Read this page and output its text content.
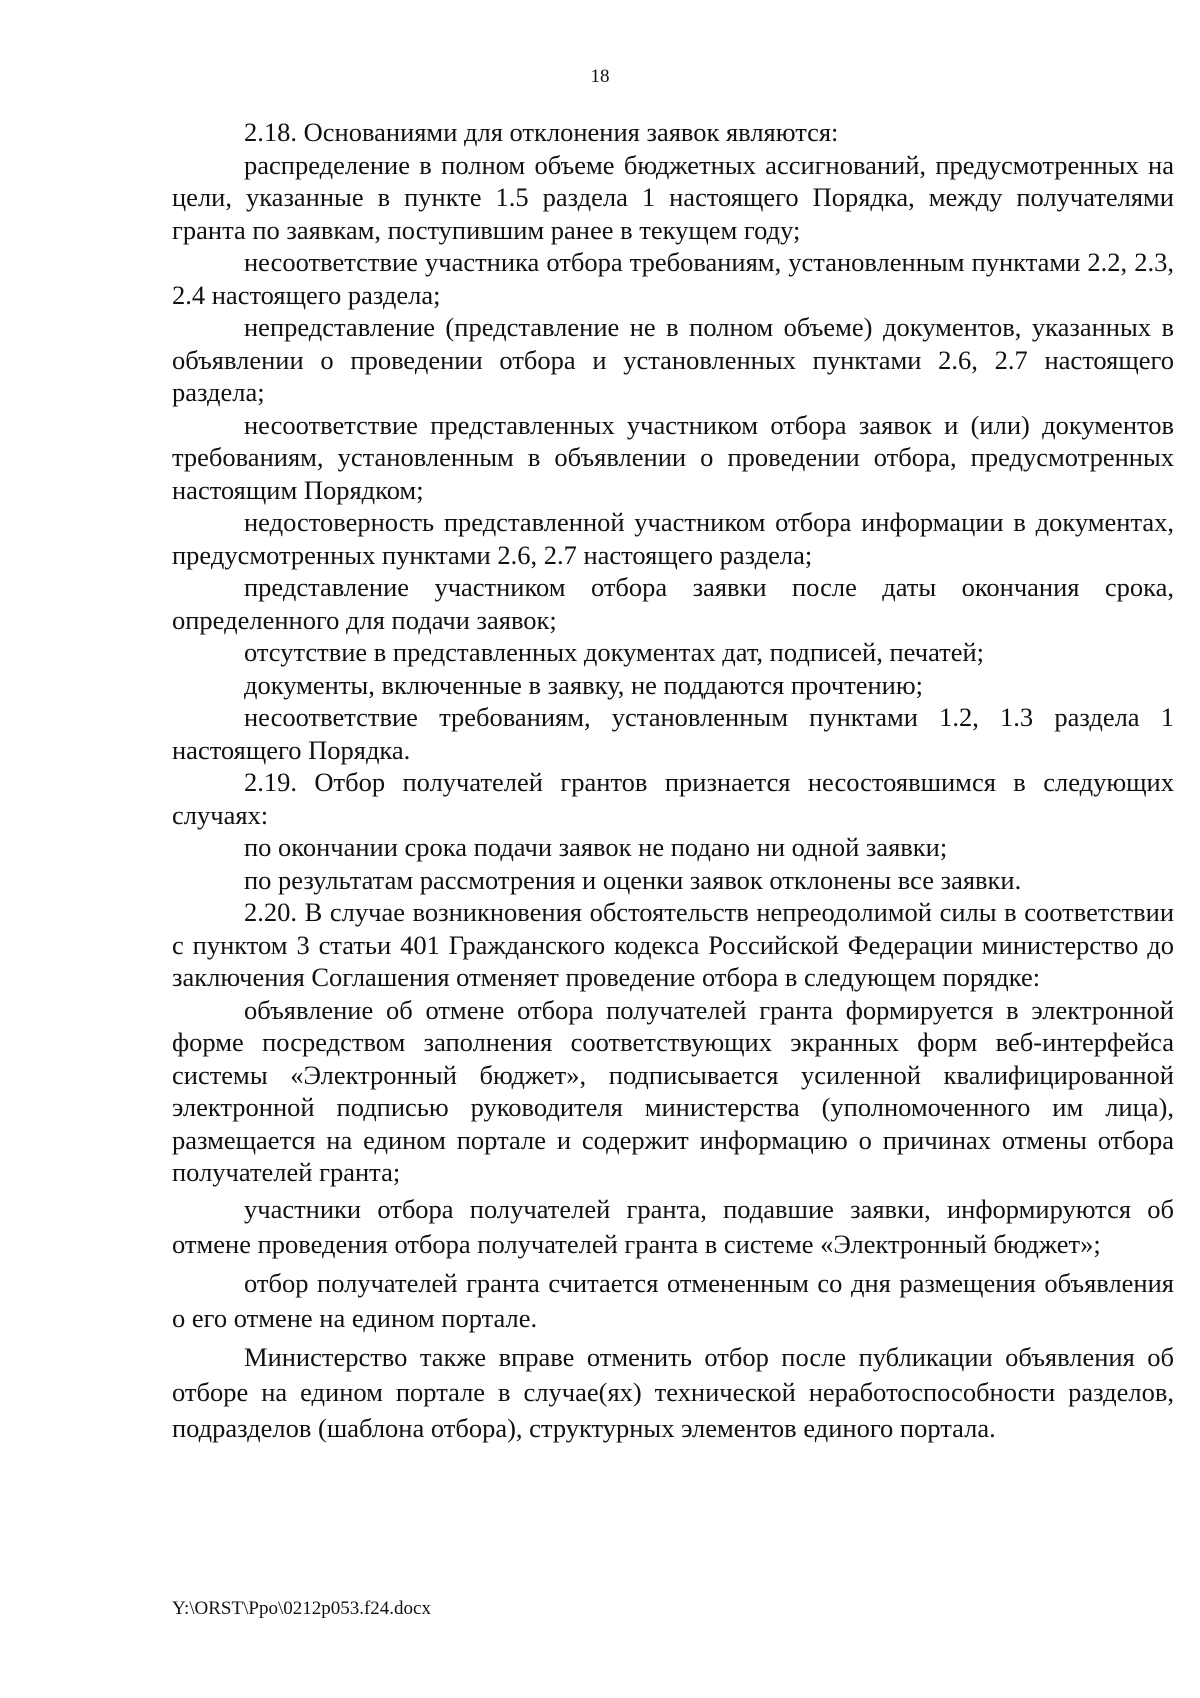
18

2.18. Основаниями для отклонения заявок являются:

распределение в полном объеме бюджетных ассигнований, предусмотренных на цели, указанные в пункте 1.5 раздела 1 настоящего Порядка, между получателями гранта по заявкам, поступившим ранее в текущем году;

несоответствие участника отбора требованиям, установленным пунктами 2.2, 2.3, 2.4 настоящего раздела;

непредставление (представление не в полном объеме) документов, указанных в объявлении о проведении отбора и установленных пунктами 2.6, 2.7 настоящего раздела;

несоответствие представленных участником отбора заявок и (или) документов требованиям, установленным в объявлении о проведении отбора, предусмотренных настоящим Порядком;

недостоверность представленной участником отбора информации в документах, предусмотренных пунктами 2.6, 2.7 настоящего раздела;

представление участником отбора заявки после даты окончания срока, определенного для подачи заявок;

отсутствие в представленных документах дат, подписей, печатей;

документы, включенные в заявку, не поддаются прочтению;

несоответствие требованиям, установленным пунктами 1.2, 1.3 раздела 1 настоящего Порядка.

2.19. Отбор получателей грантов признается несостоявшимся в следующих случаях:

по окончании срока подачи заявок не подано ни одной заявки;

по результатам рассмотрения и оценки заявок отклонены все заявки.

2.20. В случае возникновения обстоятельств непреодолимой силы в соответствии с пунктом 3 статьи 401 Гражданского кодекса Российской Федерации министерство до заключения Соглашения отменяет проведение отбора в следующем порядке:

объявление об отмене отбора получателей гранта формируется в электронной форме посредством заполнения соответствующих экранных форм веб-интерфейса системы «Электронный бюджет», подписывается усиленной квалифицированной электронной подписью руководителя министерства (уполномоченного им лица), размещается на едином портале и содержит информацию о причинах отмены отбора получателей гранта;

участники отбора получателей гранта, подавшие заявки, информируются об отмене проведения отбора получателей гранта в системе «Электронный бюджет»;

отбор получателей гранта считается отмененным со дня размещения объявления о его отмене на едином портале.

Министерство также вправе отменить отбор после публикации объявления об отборе на едином портале в случае(ях) технической неработоспособности разделов, подразделов (шаблона отбора), структурных элементов единого портала.

Y:\ORST\Ppo\0212p053.f24.docx
